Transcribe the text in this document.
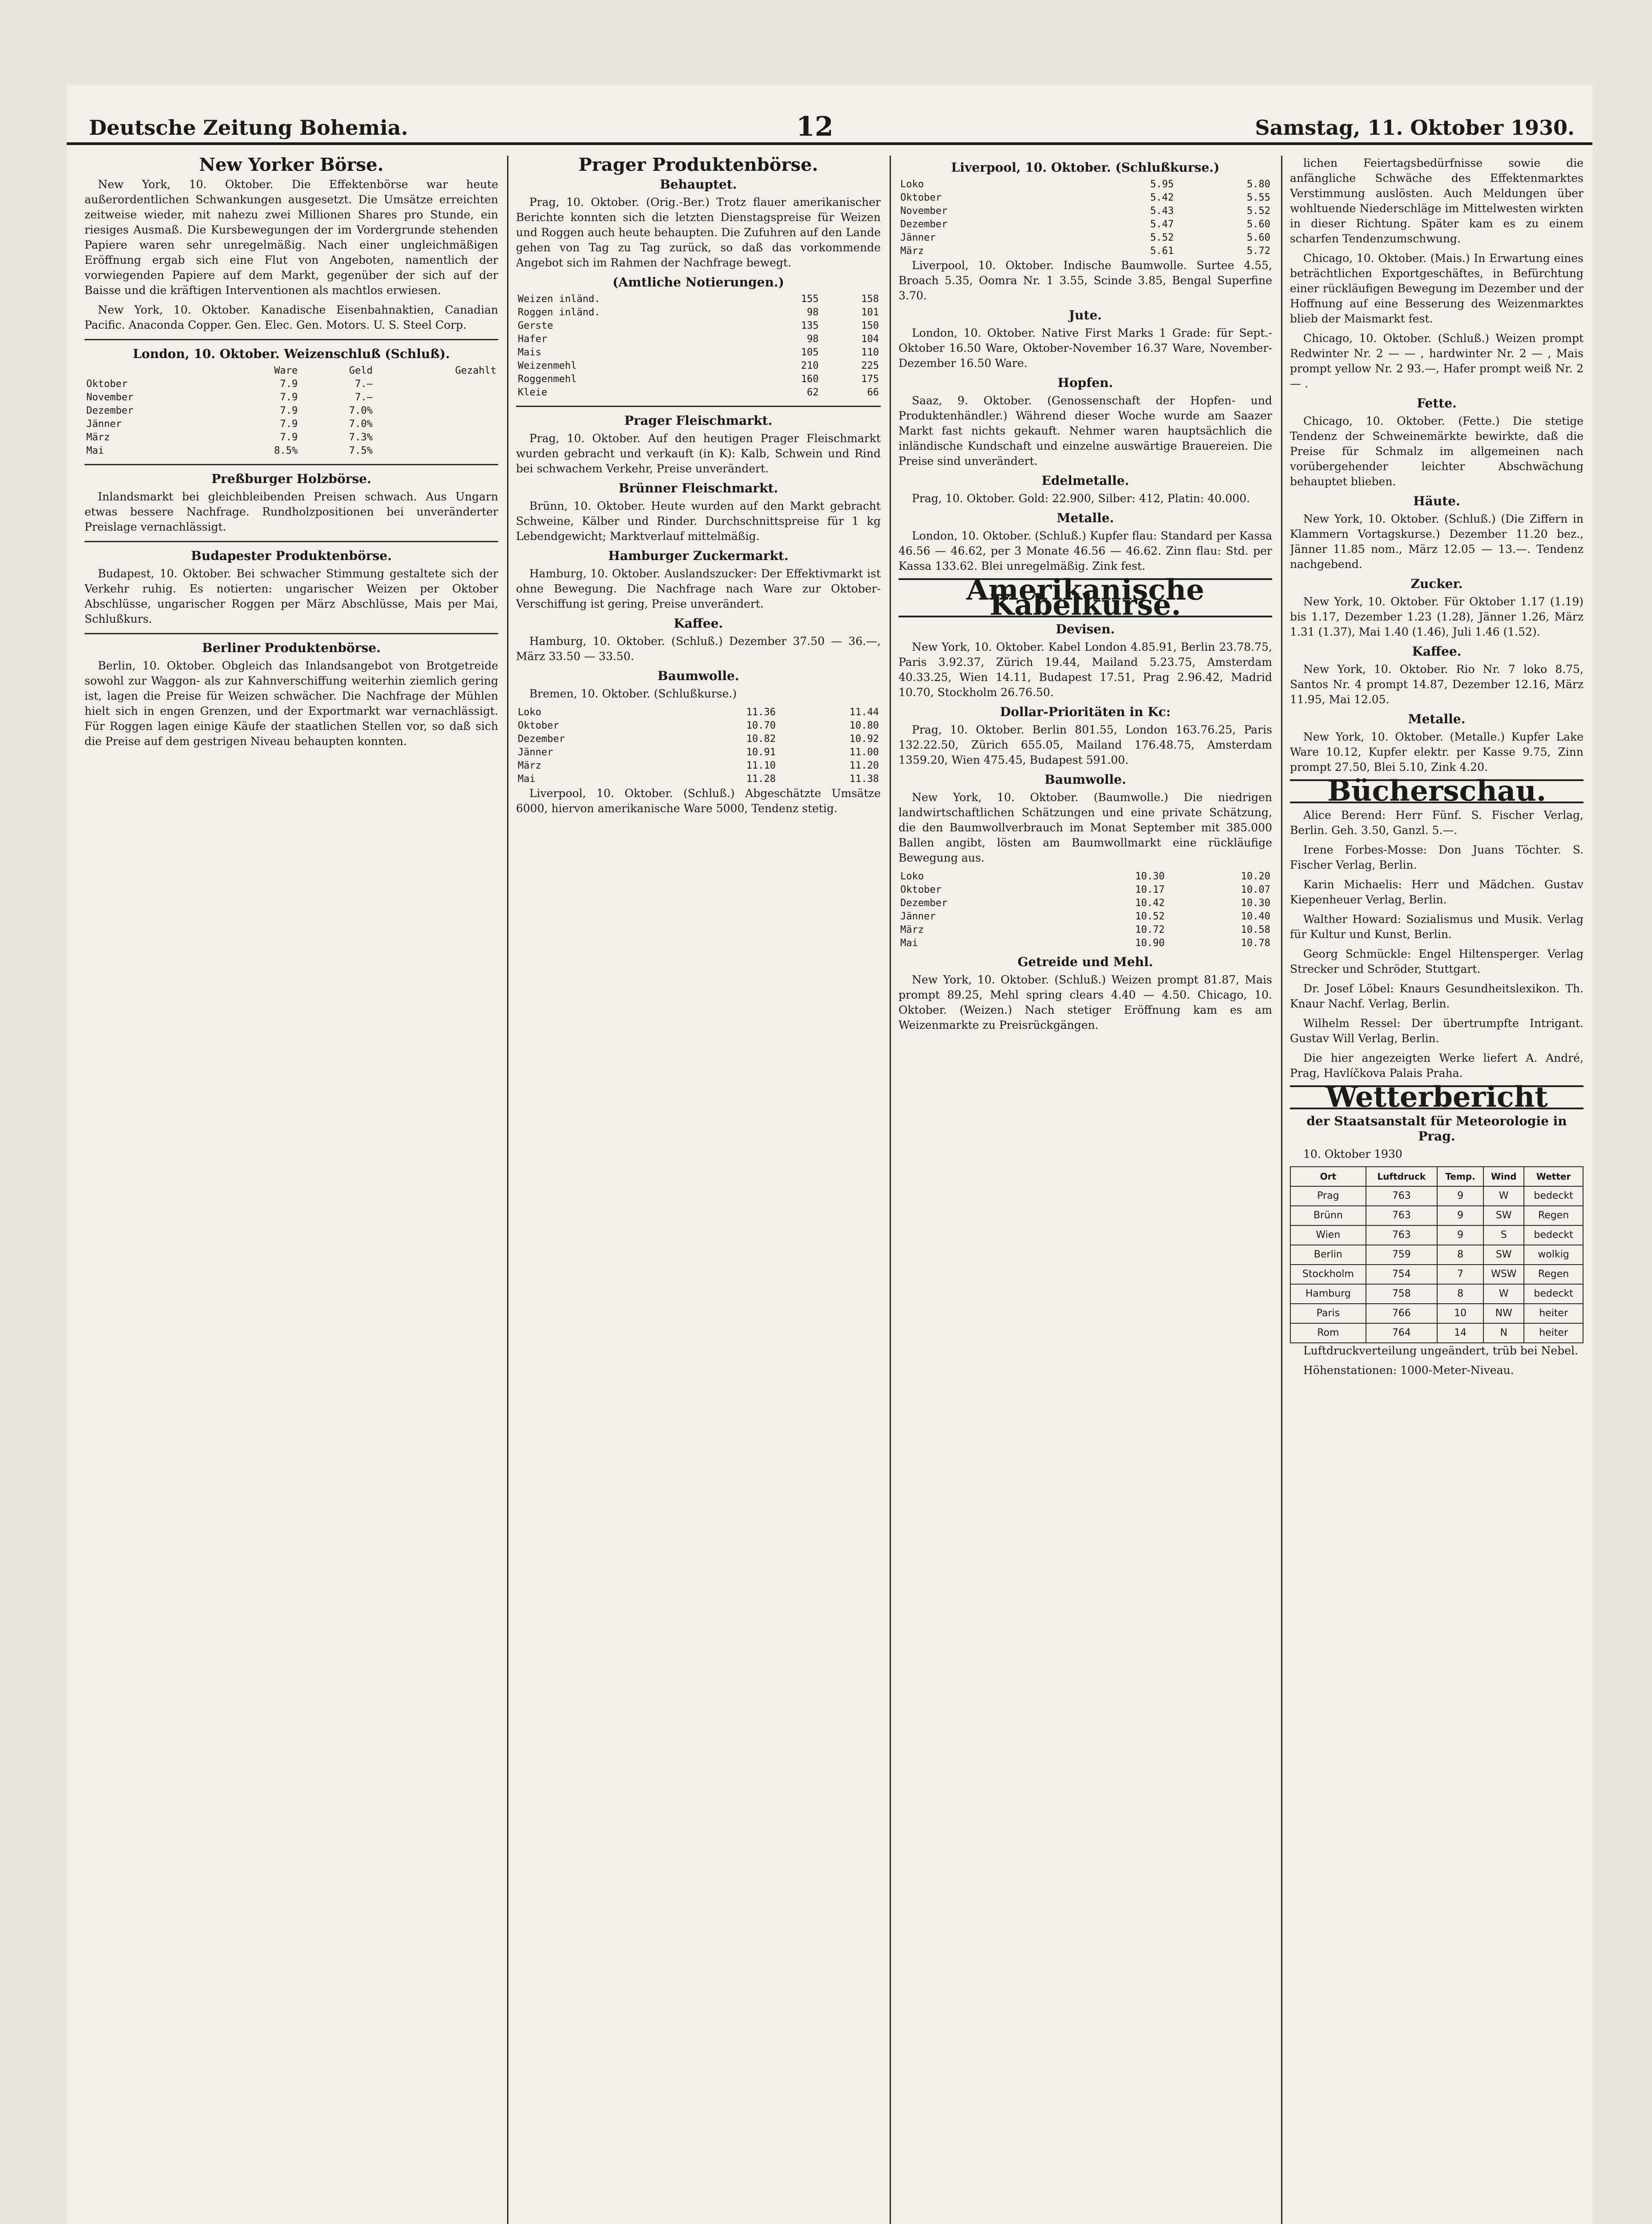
Deutsche Zeitung Bohemia.	12	Samstag, 11. Oktober 1930.
New Yorker Börse.

New York, 10. Oktober. Die Effektenbörse war heute außerordentlichen Schwankungen ausgesetzt. Die Umsätze erreichten zeitweise wieder, mit nahezu zwei Millionen Shares pro Stunde, ein riesiges Ausmaß. Die Kursbewegungen der im Vordergrunde stehenden Papiere waren sehr unregelmäßig. Nach einer ungleichmäßigen Eröffnung ergab sich eine Flut von Angeboten, namentlich der vorwiegenden Papiere auf dem Markt, gegenüber der sich auf der Baisse und die kräftigen Interventionen als machtlos erwiesen.

New York, 10. Oktober. Kanadische Eisenbahnaktien, Canadian Pacific. Anaconda Copper. Gen. Elec. Gen. Motors. U. S. Steel Corp.

London, 10. Oktober. Weizenschluß (Schluß).
	Ware	Geld	Gezahlt
Oktober	7.9	7.—	
November	7.9	7.—	
Dezember	7.9	7.0%	
Jänner	7.9	7.0%	
März	7.9	7.3%	
Mai	8.5%	7.5%	
Preßburger Holzbörse.

Inlandsmarkt bei gleichbleibenden Preisen schwach. Aus Ungarn etwas bessere Nachfrage. Rundholzpositionen bei unveränderter Preislage vernachlässigt.

Budapester Produktenbörse.

Budapest, 10. Oktober. Bei schwacher Stimmung gestaltete sich der Verkehr ruhig. Es notierten: ungarischer Weizen per Oktober Abschlüsse, ungarischer Roggen per März Abschlüsse, Mais per Mai, Schlußkurs.

Berliner Produktenbörse.

Berlin, 10. Oktober. Obgleich das Inlandsangebot von Brotgetreide sowohl zur Waggon- als zur Kahnverschiffung weiterhin ziemlich gering ist, lagen die Preise für Weizen schwächer. Die Nachfrage der Mühlen hielt sich in engen Grenzen, und der Exportmarkt war vernachlässigt. Für Roggen lagen einige Käufe der staatlichen Stellen vor, so daß sich die Preise auf dem gestrigen Niveau behaupten konnten.

Prager Produktenbörse.
Behauptet.

Prag, 10. Oktober. (Orig.-Ber.) Trotz flauer amerikanischer Berichte konnten sich die letzten Dienstagspreise für Weizen und Roggen auch heute behaupten. Die Zufuhren auf den Lande gehen von Tag zu Tag zurück, so daß das vorkommende Angebot sich im Rahmen der Nachfrage bewegt.

(Amtliche Notierungen.)
Weizen inländ.	155	158
Roggen inländ.	98	101
Gerste	135	150
Hafer	98	104
Mais	105	110
Weizenmehl	210	225
Roggenmehl	160	175
Kleie	62	66
Prager Fleischmarkt.

Prag, 10. Oktober. Auf den heutigen Prager Fleischmarkt wurden gebracht und verkauft (in K): Kalb, Schwein und Rind bei schwachem Verkehr, Preise unverändert.

Brünner Fleischmarkt.

Brünn, 10. Oktober. Heute wurden auf den Markt gebracht Schweine, Kälber und Rinder. Durchschnittspreise für 1 kg Lebendgewicht; Marktverlauf mittelmäßig.

Hamburger Zuckermarkt.

Hamburg, 10. Oktober. Auslandszucker: Der Effektivmarkt ist ohne Bewegung. Die Nachfrage nach Ware zur Oktober-Verschiffung ist gering, Preise unverändert.

Kaffee.

Hamburg, 10. Oktober. (Schluß.) Dezember 37.50 — 36.—, März 33.50 — 33.50.

Baumwolle.

Bremen, 10. Oktober. (Schlußkurse.)

Loko	11.36	11.44
Oktober	10.70	10.80
Dezember	10.82	10.92
Jänner	10.91	11.00
März	11.10	11.20
Mai	11.28	11.38

Liverpool, 10. Oktober. (Schluß.) Abgeschätzte Umsätze 6000, hiervon amerikanische Ware 5000, Tendenz stetig.

Liverpool, 10. Oktober. (Schlußkurse.)
Loko	5.95	5.80
Oktober	5.42	5.55
November	5.43	5.52
Dezember	5.47	5.60
Jänner	5.52	5.60
März	5.61	5.72

Liverpool, 10. Oktober. Indische Baumwolle. Surtee 4.55, Broach 5.35, Oomra Nr. 1 3.55, Scinde 3.85, Bengal Superfine 3.70.

Jute.

London, 10. Oktober. Native First Marks 1 Grade: für Sept.-Oktober 16.50 Ware, Oktober-November 16.37 Ware, November-Dezember 16.50 Ware.

Hopfen.

Saaz, 9. Oktober. (Genossenschaft der Hopfen- und Produktenhändler.) Während dieser Woche wurde am Saazer Markt fast nichts gekauft. Nehmer waren hauptsächlich die inländische Kundschaft und einzelne auswärtige Brauereien. Die Preise sind unverändert.

Edelmetalle.

Prag, 10. Oktober. Gold: 22.900, Silber: 412, Platin: 40.000.

Metalle.

London, 10. Oktober. (Schluß.) Kupfer flau: Standard per Kassa 46.56 — 46.62, per 3 Monate 46.56 — 46.62. Zinn flau: Std. per Kassa 133.62. Blei unregelmäßig. Zink fest.

Amerikanische Kabelkurse.
Devisen.

New York, 10. Oktober. Kabel London 4.85.91, Berlin 23.78.75, Paris 3.92.37, Zürich 19.44, Mailand 5.23.75, Amsterdam 40.33.25, Wien 14.11, Budapest 17.51, Prag 2.96.42, Madrid 10.70, Stockholm 26.76.50.

Dollar-Prioritäten in Kc:

Prag, 10. Oktober. Berlin 801.55, London 163.76.25, Paris 132.22.50, Zürich 655.05, Mailand 176.48.75, Amsterdam 1359.20, Wien 475.45, Budapest 591.00.

Baumwolle.

New York, 10. Oktober. (Baumwolle.) Die niedrigen landwirtschaftlichen Schätzungen und eine private Schätzung, die den Baumwollverbrauch im Monat September mit 385.000 Ballen angibt, lösten am Baumwollmarkt eine rückläufige Bewegung aus.

Loko	10.30	10.20
Oktober	10.17	10.07
Dezember	10.42	10.30
Jänner	10.52	10.40
März	10.72	10.58
Mai	10.90	10.78
Getreide und Mehl.

New York, 10. Oktober. (Schluß.) Weizen prompt 81.87, Mais prompt 89.25, Mehl spring clears 4.40 — 4.50. Chicago, 10. Oktober. (Weizen.) Nach stetiger Eröffnung kam es am Weizenmarkte zu Preisrückgängen.

lichen Feiertagsbedürfnisse sowie die anfängliche Schwäche des Effektenmarktes Verstimmung auslösten. Auch Meldungen über wohltuende Niederschläge im Mittelwesten wirkten in dieser Richtung. Später kam es zu einem scharfen Tendenzumschwung.

Chicago, 10. Oktober. (Mais.) In Erwartung eines beträchtlichen Exportgeschäftes, in Befürchtung einer rückläufigen Bewegung im Dezember und der Hoffnung auf eine Besserung des Weizenmarktes blieb der Maismarkt fest.

Chicago, 10. Oktober. (Schluß.) Weizen prompt Redwinter Nr. 2 — — , hardwinter Nr. 2 — , Mais prompt yellow Nr. 2 93.—, Hafer prompt weiß Nr. 2 — .

Fette.

Chicago, 10. Oktober. (Fette.) Die stetige Tendenz der Schweinemärkte bewirkte, daß die Preise für Schmalz im allgemeinen nach vorübergehender leichter Abschwächung behauptet blieben.

Häute.

New York, 10. Oktober. (Schluß.) (Die Ziffern in Klammern Vortagskurse.) Dezember 11.20 bez., Jänner 11.85 nom., März 12.05 — 13.—. Tendenz nachgebend.

Zucker.

New York, 10. Oktober. Für Oktober 1.17 (1.19) bis 1.17, Dezember 1.23 (1.28), Jänner 1.26, März 1.31 (1.37), Mai 1.40 (1.46), Juli 1.46 (1.52).

Kaffee.

New York, 10. Oktober. Rio Nr. 7 loko 8.75, Santos Nr. 4 prompt 14.87, Dezember 12.16, März 11.95, Mai 12.05.

Metalle.

New York, 10. Oktober. (Metalle.) Kupfer Lake Ware 10.12, Kupfer elektr. per Kasse 9.75, Zinn prompt 27.50, Blei 5.10, Zink 4.20.

Bücherschau.

Alice Berend: Herr Fünf. S. Fischer Verlag, Berlin. Geh. 3.50, Ganzl. 5.—.

Irene Forbes-Mosse: Don Juans Töchter. S. Fischer Verlag, Berlin.

Karin Michaelis: Herr und Mädchen. Gustav Kiepenheuer Verlag, Berlin.

Walther Howard: Sozialismus und Musik. Verlag für Kultur und Kunst, Berlin.

Georg Schmückle: Engel Hiltensperger. Verlag Strecker und Schröder, Stuttgart.

Dr. Josef Löbel: Knaurs Gesundheitslexikon. Th. Knaur Nachf. Verlag, Berlin.

Wilhelm Ressel: Der übertrumpfte Intrigant. Gustav Will Verlag, Berlin.

Die hier angezeigten Werke liefert A. André, Prag, Havlíčkova Palais Praha.

Wetterbericht
der Staatsanstalt für Meteorologie in Prag.

10. Oktober 1930

Ort	Luftdruck	Temp.	Wind	Wetter
Prag	763	9	W	bedeckt
Brünn	763	9	SW	Regen
Wien	763	9	S	bedeckt
Berlin	759	8	SW	wolkig
Stockholm	754	7	WSW	Regen
Hamburg	758	8	W	bedeckt
Paris	766	10	NW	heiter
Rom	764	14	N	heiter

Luftdruckverteilung ungeändert, trüb bei Nebel.

Höhenstationen: 1000-Meter-Niveau.
